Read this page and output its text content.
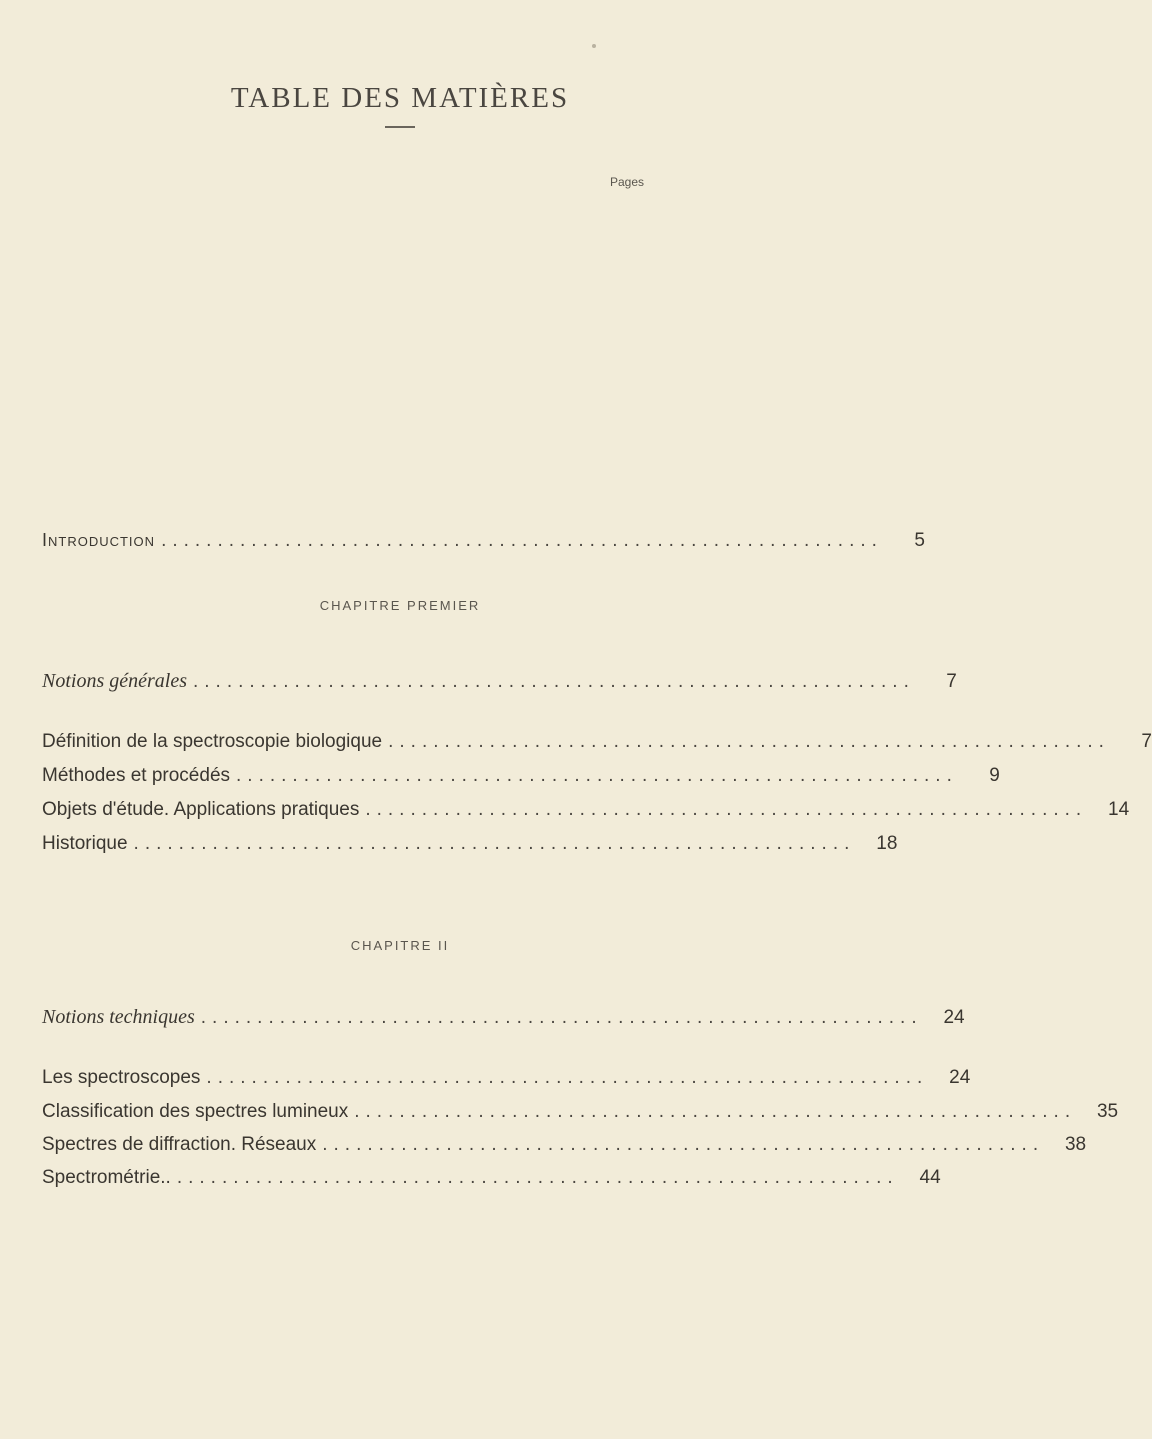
TABLE DES MATIÈRES
Pages
Introduction ................................................................	5
CHAPITRE PREMIER
Notions générales ................................................................	7
Définition de la spectroscopie biologique ................................................................	7
Méthodes et procédés ................................................................	9
Objets d'étude. Applications pratiques ................................................................	14
Historique ................................................................	18
CHAPITRE II
Notions techniques ................................................................	24
Les spectroscopes ................................................................	24
Classification des spectres lumineux ................................................................	35
Spectres de diffraction. Réseaux ................................................................	38
Spectrométrie.. ................................................................	44
